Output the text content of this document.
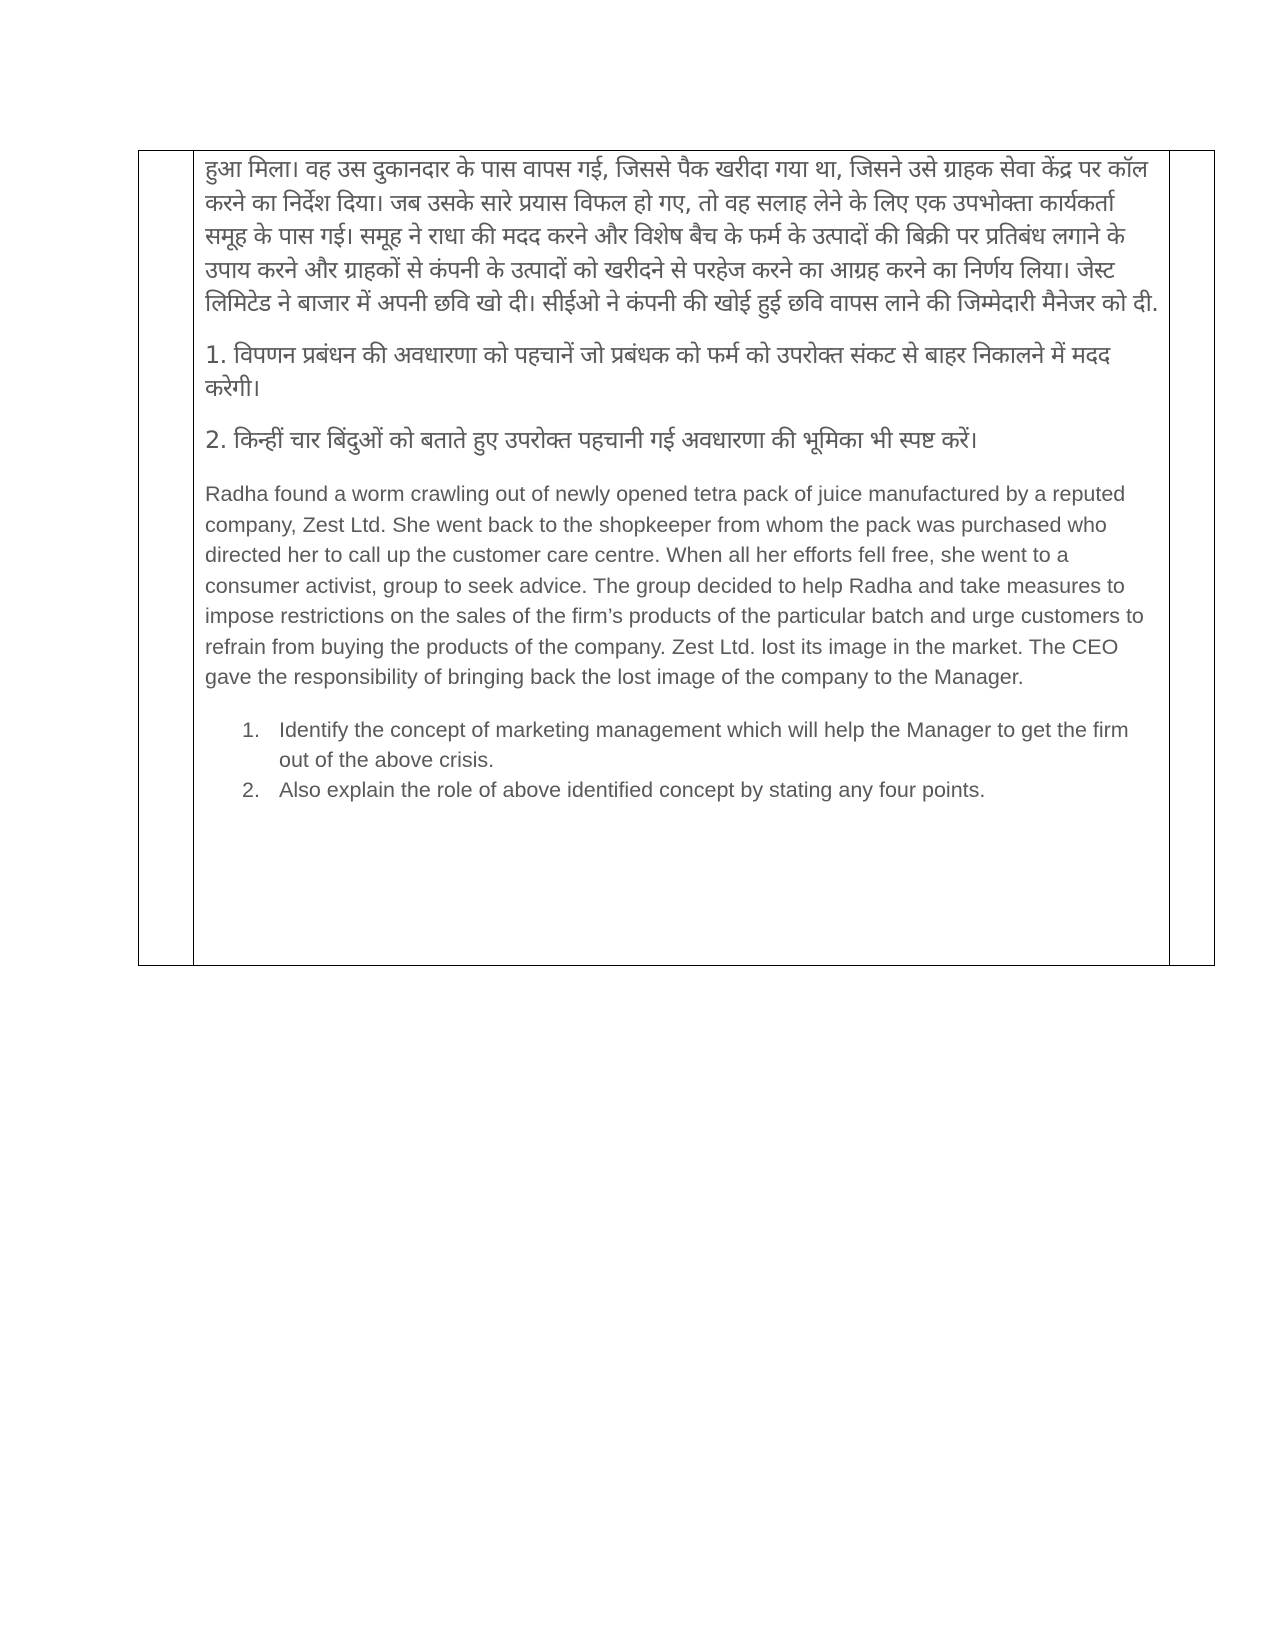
हुआ मिला। वह उस दुकानदार के पास वापस गई, जिससे पैक खरीदा गया था, जिसने उसे ग्राहक सेवा केंद्र पर कॉल करने का निर्देश दिया। जब उसके सारे प्रयास विफल हो गए, तो वह सलाह लेने के लिए एक उपभोक्ता कार्यकर्ता समूह के पास गई। समूह ने राधा की मदद करने और विशेष बैच के फर्म के उत्पादों की बिक्री पर प्रतिबंध लगाने के उपाय करने और ग्राहकों से कंपनी के उत्पादों को खरीदने से परहेज करने का आग्रह करने का निर्णय लिया। जेस्ट लिमिटेड ने बाजार में अपनी छवि खो दी। सीईओ ने कंपनी की खोई हुई छवि वापस लाने की जिम्मेदारी मैनेजर को दी.

1. विपणन प्रबंधन की अवधारणा को पहचानें जो प्रबंधक को फर्म को उपरोक्त संकट से बाहर निकालने में मदद करेगी।

2. किन्हीं चार बिंदुओं को बताते हुए उपरोक्त पहचानी गई अवधारणा की भूमिका भी स्पष्ट करें।

Radha found a worm crawling out of newly opened tetra pack of juice manufactured by a reputed company, Zest Ltd. She went back to the shopkeeper from whom the pack was purchased who directed her to call up the customer care centre. When all her efforts fell free, she went to a consumer activist, group to seek advice. The group decided to help Radha and take measures to impose restrictions on the sales of the firm’s products of the particular batch and urge customers to refrain from buying the products of the company. Zest Ltd. lost its image in the market. The CEO gave the responsibility of bringing back the lost image of the company to the Manager.

1. Identify the concept of marketing management which will help the Manager to get the firm out of the above crisis.
2. Also explain the role of above identified concept by stating any four points.
